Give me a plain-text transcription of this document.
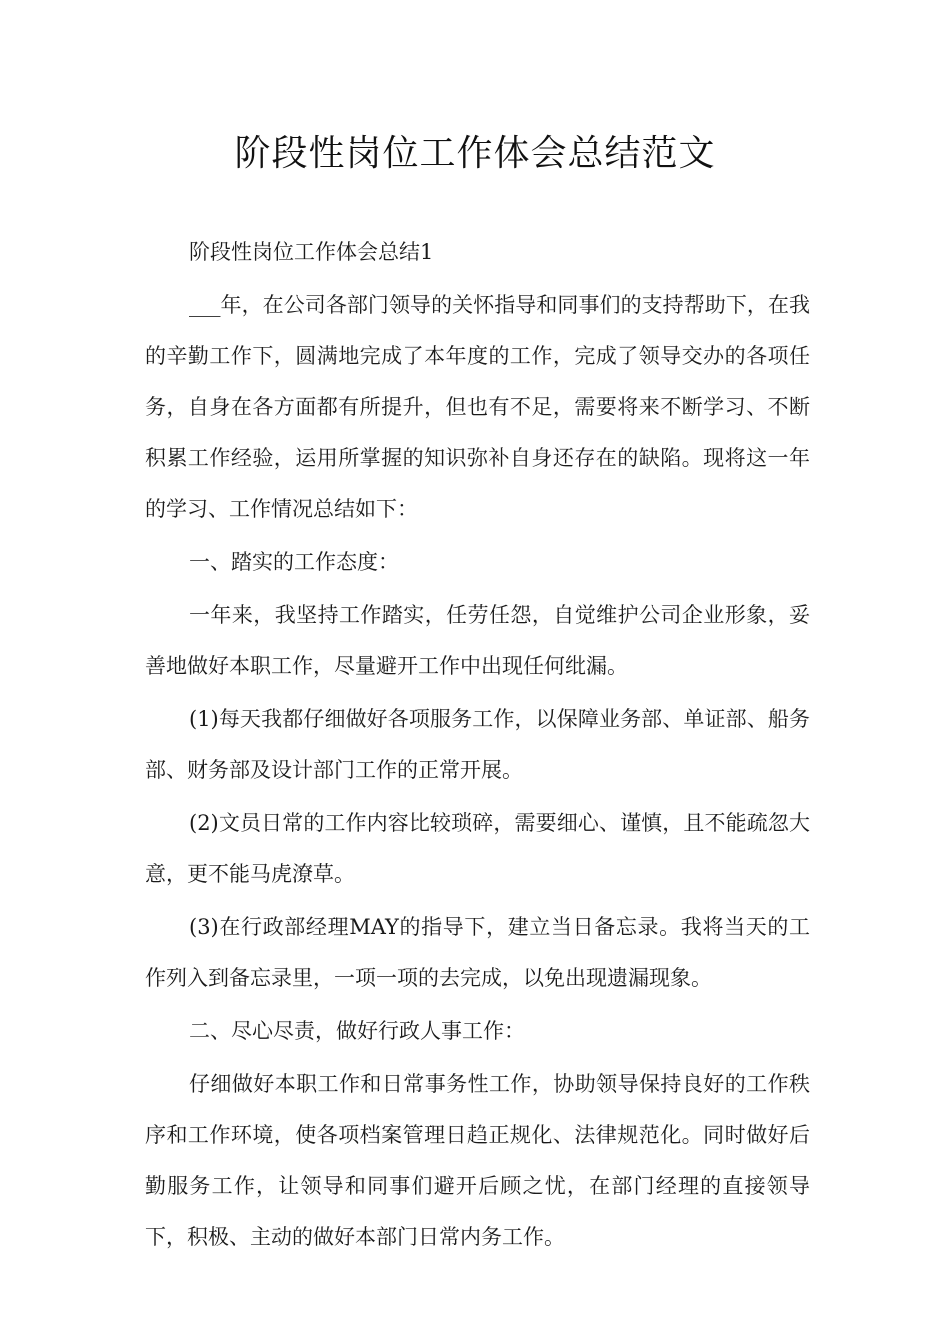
阶段性岗位工作体会总结范文

阶段性岗位工作体会总结1

___年，在公司各部门领导的关怀指导和同事们的支持帮助下，在我的辛勤工作下，圆满地完成了本年度的工作，完成了领导交办的各项任务，自身在各方面都有所提升，但也有不足，需要将来不断学习、不断积累工作经验，运用所掌握的知识弥补自身还存在的缺陷。现将这一年的学习、工作情况总结如下：

一、踏实的工作态度：

一年来，我坚持工作踏实，任劳任怨，自觉维护公司企业形象，妥善地做好本职工作，尽量避开工作中出现任何纰漏。

(1)每天我都仔细做好各项服务工作，以保障业务部、单证部、船务部、财务部及设计部门工作的正常开展。

(2)文员日常的工作内容比较琐碎，需要细心、谨慎，且不能疏忽大意，更不能马虎潦草。

(3)在行政部经理MAY的指导下，建立当日备忘录。我将当天的工作列入到备忘录里，一项一项的去完成，以免出现遗漏现象。

二、尽心尽责，做好行政人事工作：

仔细做好本职工作和日常事务性工作，协助领导保持良好的工作秩序和工作环境，使各项档案管理日趋正规化、法律规范化。同时做好后勤服务工作，让领导和同事们避开后顾之忧，在部门经理的直接领导下，积极、主动的做好本部门日常内务工作。
